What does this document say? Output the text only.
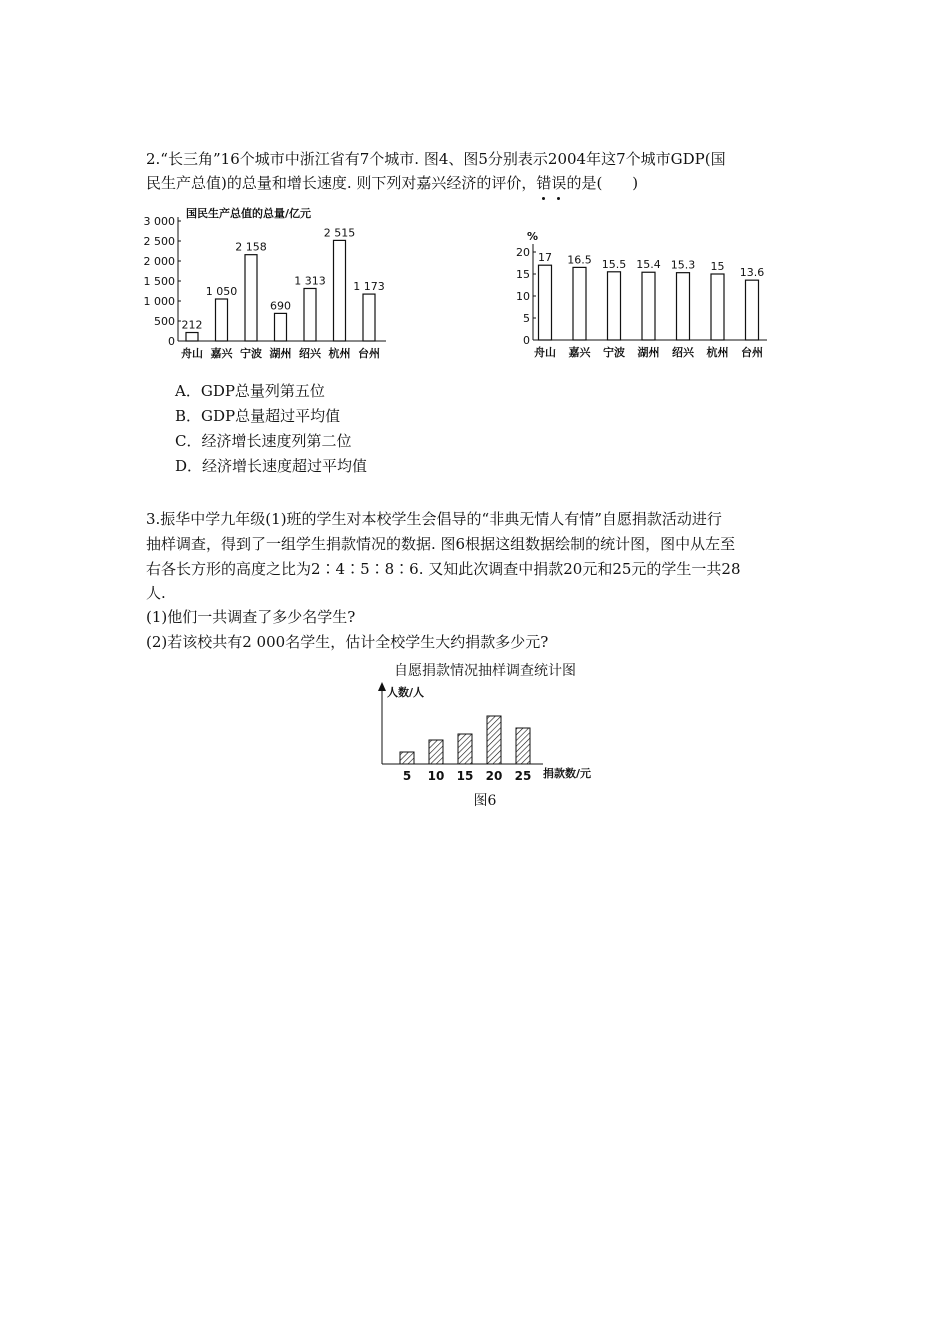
2.“长三角”16个城市中浙江省有7个城市. 图4、图5分别表示2004年这7个城市GDP(国
民生产总值)的总量和增长速度. 则下列对嘉兴经济的评价，错误的是(　　)
国民生产总值的总量/亿元
0
500
1 000
1 500
2 000
2 500
3 000
212
1 050
2 158
690
1 313
2 515
1 173
舟山 嘉兴 宁波 湖州 绍兴 杭州 台州
%
0
5
10
15
20 17 16.5 15.5 15.4 15.3 15 13.6
舟山 嘉兴 宁波 湖州 绍兴 杭州 台州
A．GDP总量列第五位
B．GDP总量超过平均值
C．经济增长速度列第二位
D．经济增长速度超过平均值
3.振华中学九年级(1)班的学生对本校学生会倡导的“非典无情人有情”自愿捐款活动进行
抽样调查，得到了一组学生捐款情况的数据. 图6根据这组数据绘制的统计图，图中从左至
右各长方形的高度之比为2∶4∶5∶8∶6. 又知此次调查中捐款20元和25元的学生一共28
人.
(1)他们一共调查了多少名学生?
(2)若该校共有2 000名学生，估计全校学生大约捐款多少元?
自愿捐款情况抽样调查统计图
人数/人
捐款数/元
5 10 15 20 25
图6
